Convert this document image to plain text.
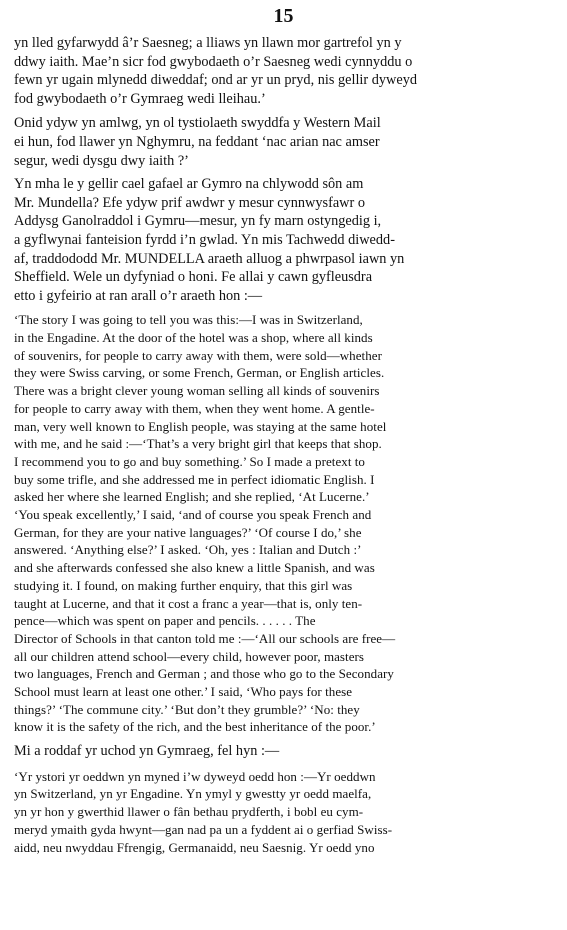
15
yn lled gyfarwydd â’r Saesneg; a lliaws yn llawn mor gartrefol yn y
ddwy iaith. Mae’n sicr fod gwybodaeth o’r Saesneg wedi cynnyddu o
fewn yr ugain mlynedd diweddaf; ond ar yr un pryd, nis gellir dyweyd
fod gwybodaeth o’r Gymraeg wedi lleihau.’
Onid ydyw yn amlwg, yn ol tystiolaeth swyddfa y Western Mail
ei hun, fod llawer yn Nghymru, na feddant ‘nac arian nac amser
segur, wedi dysgu dwy iaith ?’
Yn mha le y gellir cael gafael ar Gymro na chlywodd sôn am
Mr. Mundella? Efe ydyw prif awdwr y mesur cynnwysfawr o
Addysg Ganolraddol i Gymru—mesur, yn fy marn ostyngedig i,
a gyflwynai fanteision fyrdd i’n gwlad. Yn mis Tachwedd diwedd-
af, traddododd Mr. MUNDELLA araeth alluog a phwrpasol iawn yn
Sheffield. Wele un dyfyniad o honi. Fe allai y cawn gyfleusdra
etto i gyfeirio at ran arall o’r araeth hon :—
‘The story I was going to tell you was this:—I was in Switzerland,
in the Engadine. At the door of the hotel was a shop, where all kinds
of souvenirs, for people to carry away with them, were sold—whether
they were Swiss carving, or some French, German, or English articles.
There was a bright clever young woman selling all kinds of souvenirs
for people to carry away with them, when they went home. A gentle-
man, very well known to English people, was staying at the same hotel
with me, and he said :—‘That’s a very bright girl that keeps that shop.
I recommend you to go and buy something.’ So I made a pretext to
buy some trifle, and she addressed me in perfect idiomatic English. I
asked her where she learned English; and she replied, ‘At Lucerne.’
‘You speak excellently,’ I said, ‘and of course you speak French and
German, for they are your native languages?’ ‘Of course I do,’ she
answered. ‘Anything else?’ I asked. ‘Oh, yes : Italian and Dutch :’
and she afterwards confessed she also knew a little Spanish, and was
studying it. I found, on making further enquiry, that this girl was
taught at Lucerne, and that it cost a franc a year—that is, only ten-
pence—which was spent on paper and pencils. . . . . . The
Director of Schools in that canton told me :—‘All our schools are free—
all our children attend school—every child, however poor, masters
two languages, French and German ; and those who go to the Secondary
School must learn at least one other.’ I said, ‘Who pays for these
things?’ ‘The commune city.’ ‘But don’t they grumble?’ ‘No: they
know it is the safety of the rich, and the best inheritance of the poor.’
Mi a roddaf yr uchod yn Gymraeg, fel hyn :—
‘Yr ystori yr oeddwn yn myned i’w dyweyd oedd hon :—Yr oeddwn
yn Switzerland, yn yr Engadine. Yn ymyl y gwestty yr oedd maelfa,
yn yr hon y gwerthid llawer o fân bethau prydferth, i bobl eu cym-
meryd ymaith gyda hwynt—gan nad pa un a fyddent ai o gerfiad Swiss-
aidd, neu nwyddau Ffrengig, Germanaidd, neu Saesnig. Yr oedd yno
